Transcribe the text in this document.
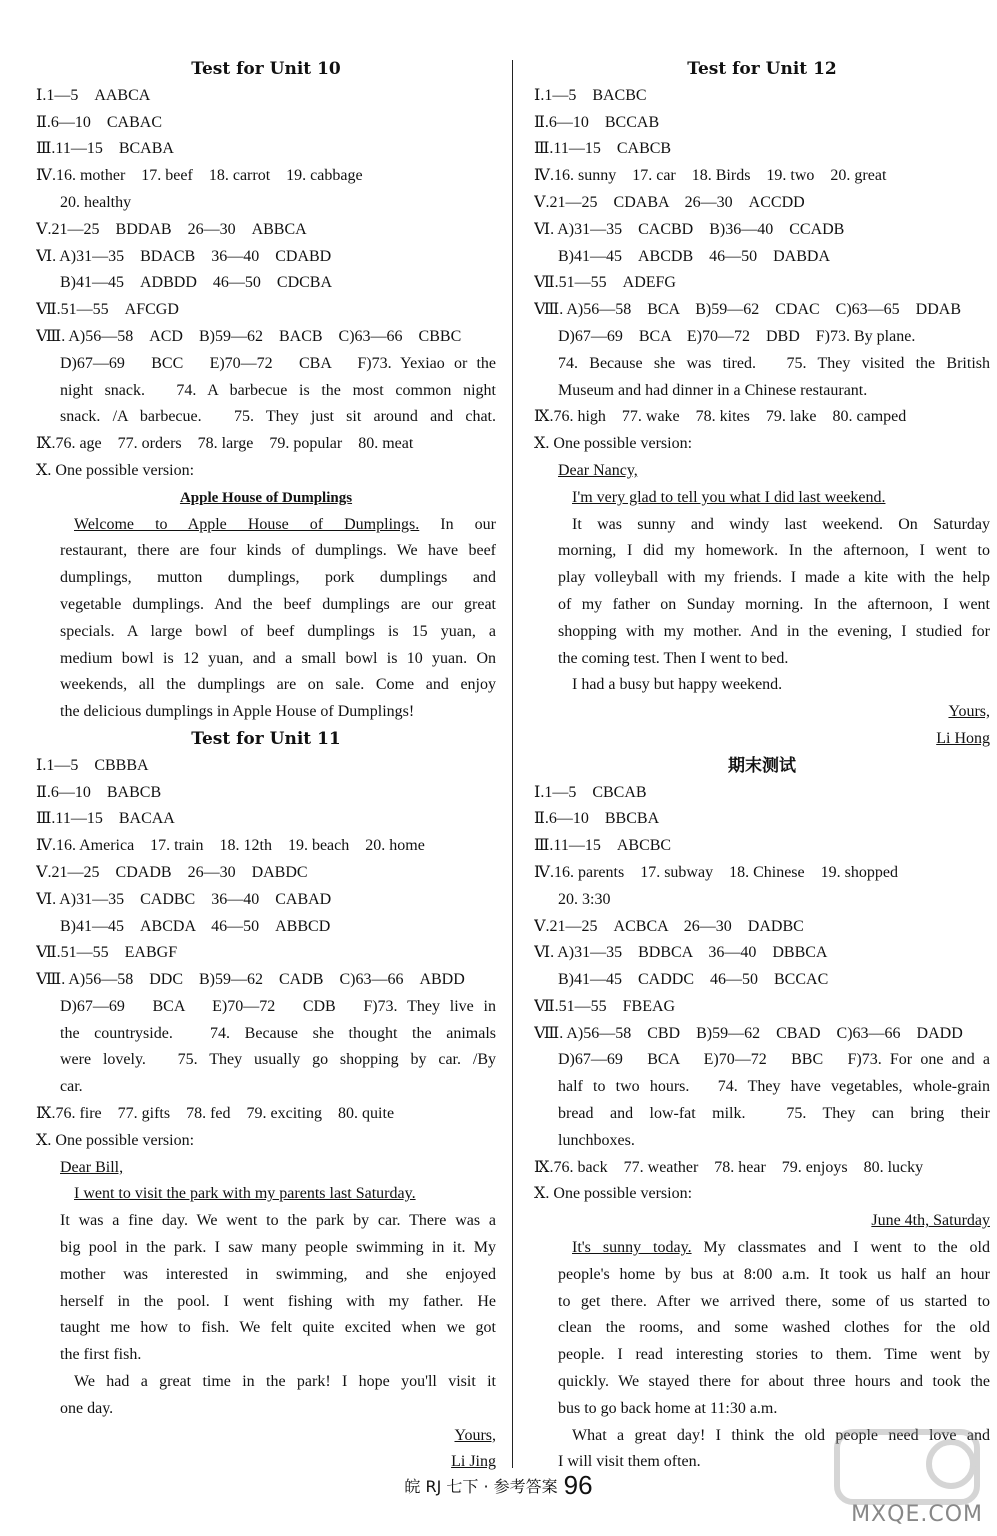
Test for Unit 10
Ⅰ.1—5　AABCA
Ⅱ.6—10　CABAC
Ⅲ.11—15　BCABA
Ⅳ.16. mother　17. beef　18. carrot　19. cabbage
20. healthy
Ⅴ.21—25　BDDAB　26—30　ABBCA
Ⅵ. A)31—35　BDACB　36—40　CDABD
B)41—45　ADBDD　46—50　CDCBA
Ⅶ.51—55　AFCGD
Ⅷ. A)56—58　ACD　B)59—62　BACB　C)63—66　CBBC
D)67—69　BCC　E)70—72　CBA　F)73. Yexiao or the
night snack.　74. A barbecue is the most common night
snack. /A barbecue.　75. They just sit around and chat.
Ⅸ.76. age　77. orders　78. large　79. popular　80. meat
Ⅹ. One possible version:
Apple House of Dumplings
Welcome to Apple House of Dumplings. In our
restaurant, there are four kinds of dumplings. We have beef
dumplings, mutton dumplings, pork dumplings and
vegetable dumplings. And the beef dumplings are our great
specials. A large bowl of beef dumplings is 15 yuan, a
medium bowl is 12 yuan, and a small bowl is 10 yuan. On
weekends, all the dumplings are on sale. Come and enjoy
the delicious dumplings in Apple House of Dumplings!
Test for Unit 11
Ⅰ.1—5　CBBBA
Ⅱ.6—10　BABCB
Ⅲ.11—15　BACAA
Ⅳ.16. America　17. train　18. 12th　19. beach　20. home
Ⅴ.21—25　CDADB　26—30　DABDC
Ⅵ. A)31—35　CADBC　36—40　CABAD
B)41—45　ABCDA　46—50　ABBCD
Ⅶ.51—55　EABGF
Ⅷ. A)56—58　DDC　B)59—62　CADB　C)63—66　ABDD
D)67—69　BCA　E)70—72　CDB　F)73. They live in
the countryside.　74. Because she thought the animals
were lovely.　75. They usually go shopping by car. /By
car.
Ⅸ.76. fire　77. gifts　78. fed　79. exciting　80. quite
Ⅹ. One possible version:
Dear Bill,
I went to visit the park with my parents last Saturday.
It was a fine day. We went to the park by car. There was a
big pool in the park. I saw many people swimming in it. My
mother was interested in swimming, and she enjoyed
herself in the pool. I went fishing with my father. He
taught me how to fish. We felt quite excited when we got
the first fish.
We had a great time in the park! I hope you'll visit it
one day.
Yours,
Li Jing
Test for Unit 12
Ⅰ.1—5　BACBC
Ⅱ.6—10　BCCAB
Ⅲ.11—15　CABCB
Ⅳ.16. sunny　17. car　18. Birds　19. two　20. great
Ⅴ.21—25　CDABA　26—30　ACCDD
Ⅵ. A)31—35　CACBD　B)36—40　CCADB
B)41—45　ABCDB　46—50　DABDA
Ⅶ.51—55　ADEFG
Ⅷ. A)56—58　BCA　B)59—62　CDAC　C)63—65　DDAB
D)67—69　BCA　E)70—72　DBD　F)73. By plane.
74. Because she was tired.　75. They visited the British
Museum and had dinner in a Chinese restaurant.
Ⅸ.76. high　77. wake　78. kites　79. lake　80. camped
Ⅹ. One possible version:
Dear Nancy,
I'm very glad to tell you what I did last weekend.
It was sunny and windy last weekend. On Saturday
morning, I did my homework. In the afternoon, I went to
play volleyball with my friends. I made a kite with the help
of my father on Sunday morning. In the afternoon, I went
shopping with my mother. And in the evening, I studied for
the coming test. Then I went to bed.
I had a busy but happy weekend.
Yours,
Li Hong
期末测试
Ⅰ.1—5　CBCAB
Ⅱ.6—10　BBCBA
Ⅲ.11—15　ABCBC
Ⅳ.16. parents　17. subway　18. Chinese　19. shopped
20. 3:30
Ⅴ.21—25　ACBCA　26—30　DADBC
Ⅵ. A)31—35　BDBCA　36—40　DBBCA
B)41—45　CADDC　46—50　BCCAC
Ⅶ.51—55　FBEAG
Ⅷ. A)56—58　CBD　B)59—62　CBAD　C)63—66　DADD
D)67—69　BCA　E)70—72　BBC　F)73. For one and a
half to two hours.　74. They have vegetables, whole-grain
bread and low-fat milk.　75. They can bring their
lunchboxes.
Ⅸ.76. back　77. weather　78. hear　79. enjoys　80. lucky
Ⅹ. One possible version:
June 4th, Saturday
It's sunny today. My classmates and I went to the old
people's home by bus at 8:00 a.m. It took us half an hour
to get there. After we arrived there, some of us started to
clean the rooms, and some washed clothes for the old
people. I read interesting stories to them. Time went by
quickly. We stayed there for about three hours and took the
bus to go back home at 11:30 a.m.
What a great day! I think the old people need love and
I will visit them often.
皖 RJ 七下 · 参考答案 96
MXQE.COM
